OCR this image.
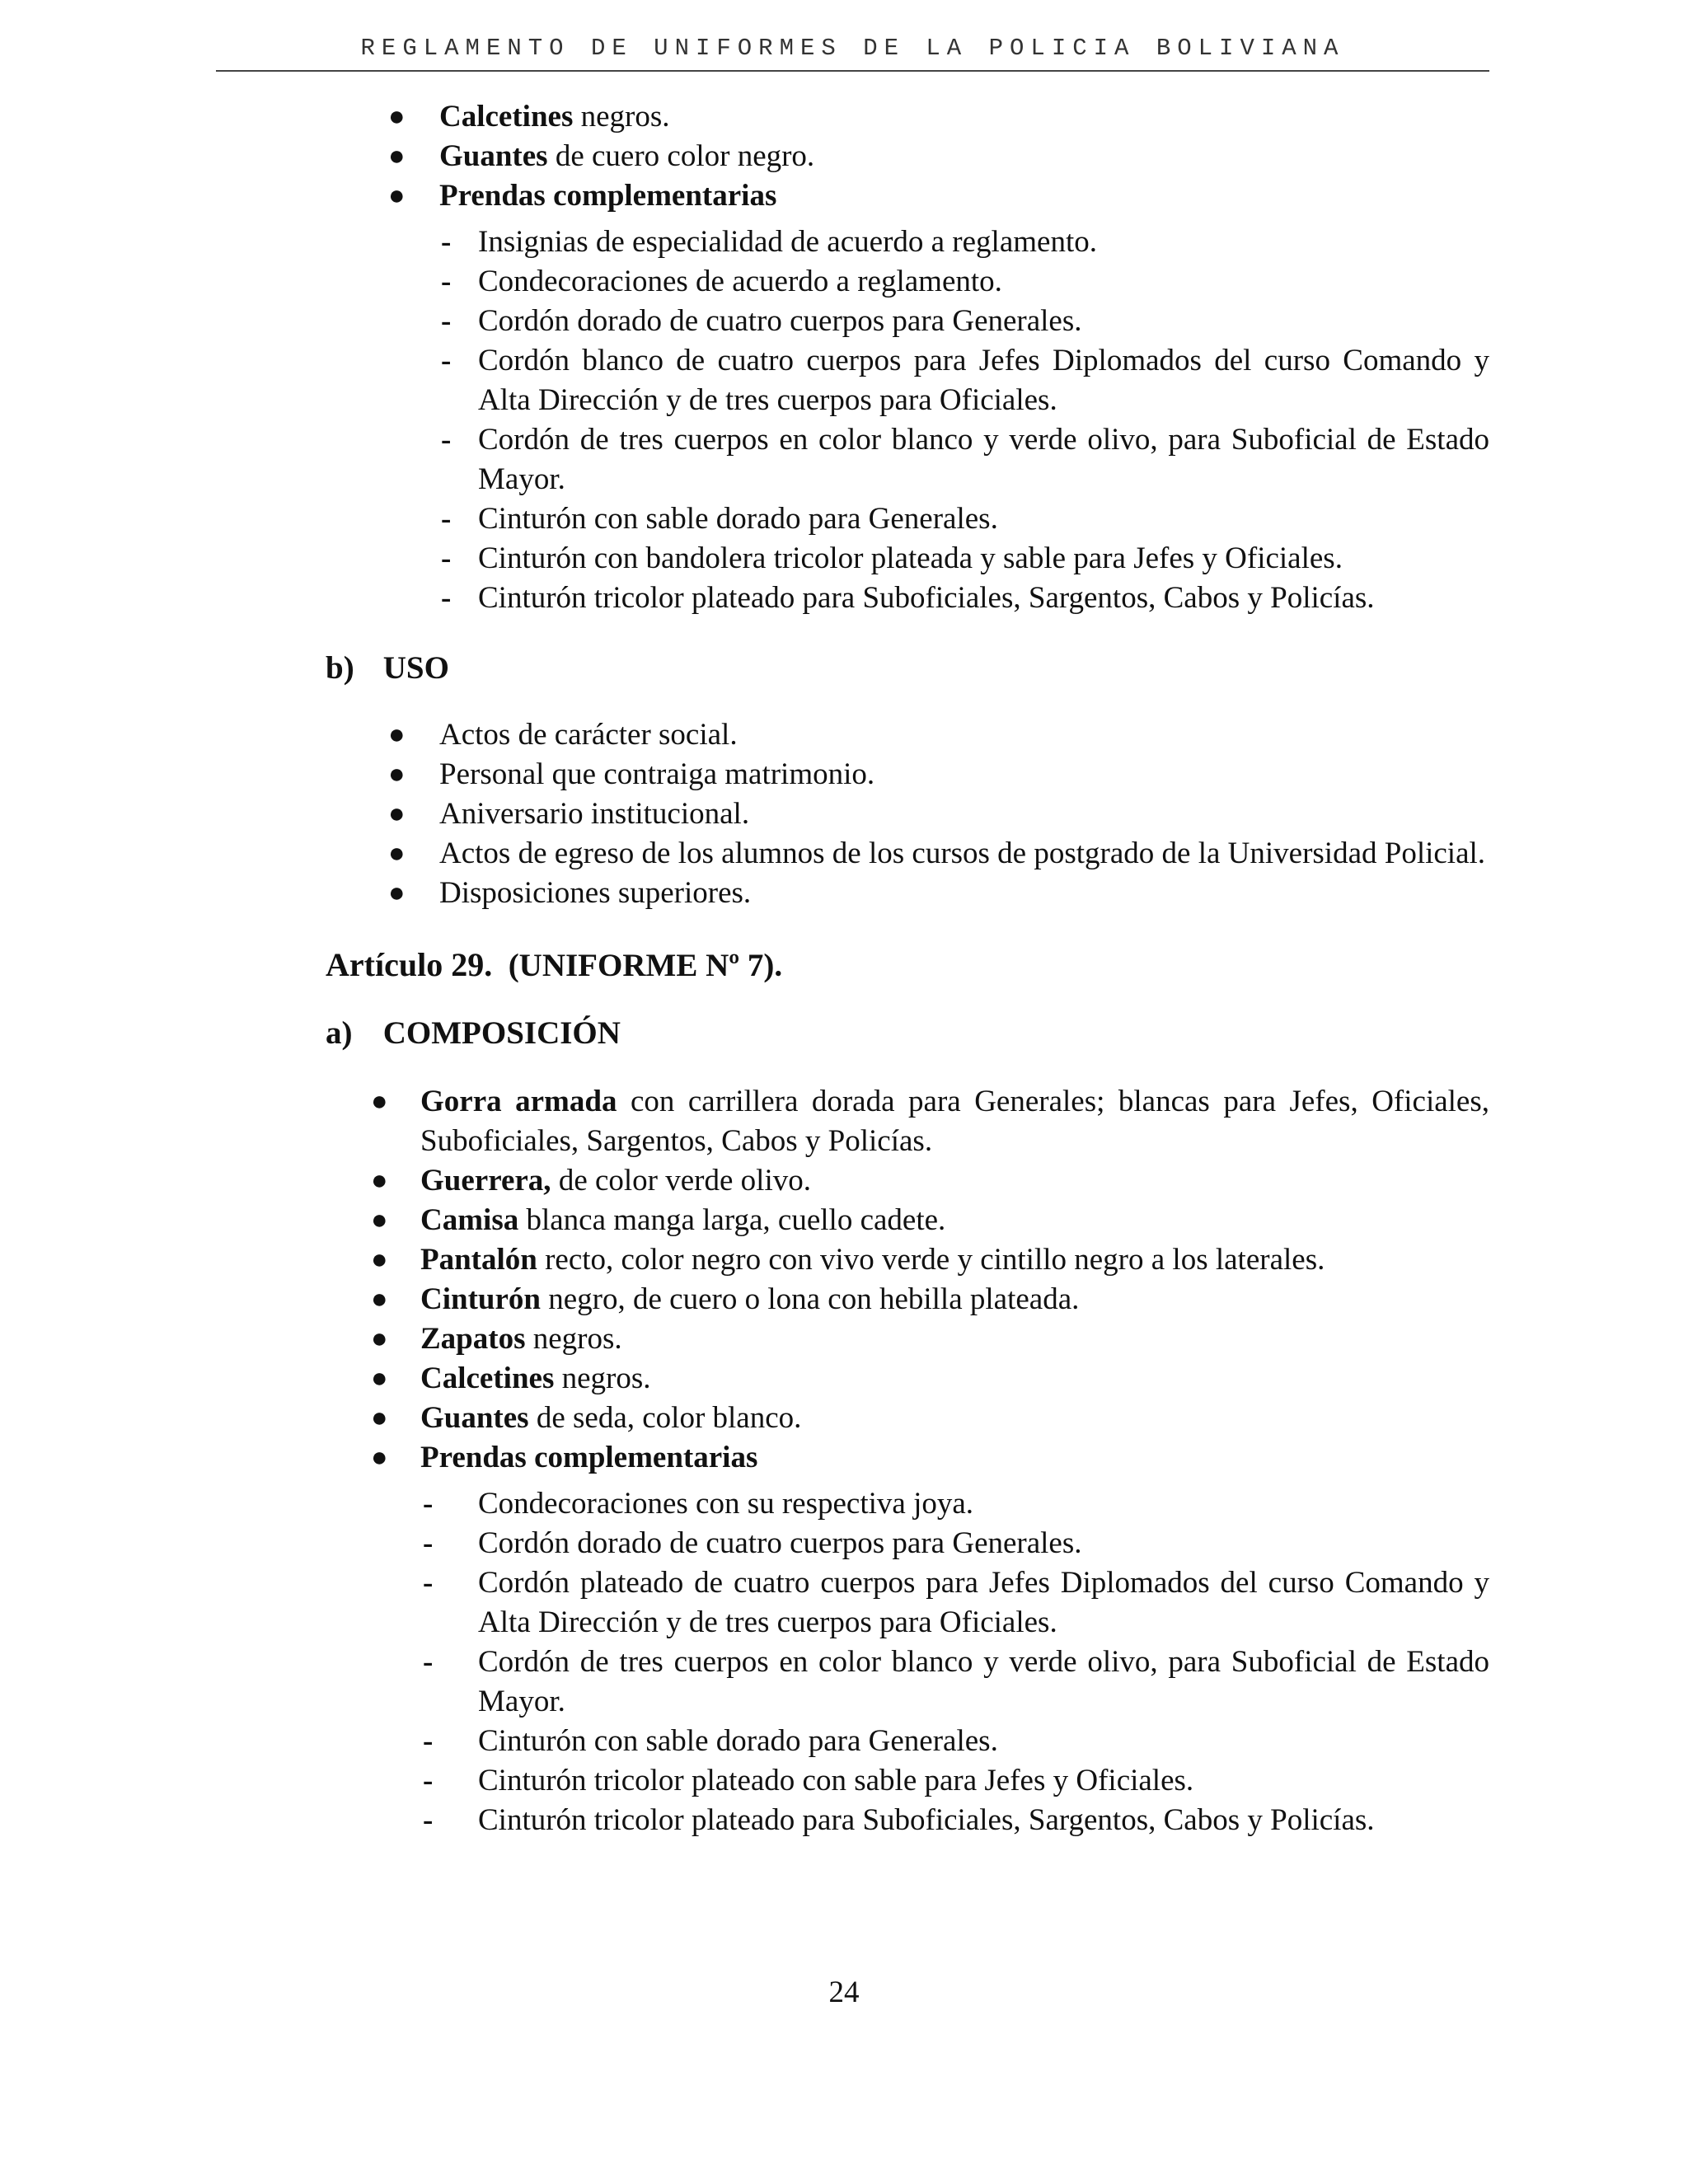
REGLAMENTO DE UNIFORMES DE LA POLICIA BOLIVIANA
● Calcetines negros.
● Guantes de cuero color negro.
● Prendas complementarias
- Insignias de especialidad de acuerdo a reglamento.
- Condecoraciones de acuerdo a reglamento.
- Cordón dorado de cuatro cuerpos para Generales.
- Cordón blanco de cuatro cuerpos para Jefes Diplomados del curso Comando y Alta Dirección y de tres cuerpos para Oficiales.
- Cordón de tres cuerpos en color blanco y verde olivo, para Suboficial de Estado Mayor.
- Cinturón con sable dorado para Generales.
- Cinturón con bandolera tricolor plateada y sable para Jefes y Oficiales.
- Cinturón tricolor plateado para Suboficiales, Sargentos, Cabos y Policías.
b) USO
● Actos de carácter social.
● Personal que contraiga matrimonio.
● Aniversario institucional.
● Actos de egreso de los alumnos de los cursos de postgrado de la Universidad Policial.
● Disposiciones superiores.
Artículo 29. (UNIFORME Nº 7).
a) COMPOSICIÓN
● Gorra armada con carrillera dorada para Generales; blancas para Jefes, Oficiales, Suboficiales, Sargentos, Cabos y Policías.
● Guerrera, de color verde olivo.
● Camisa blanca manga larga, cuello cadete.
● Pantalón recto, color negro con vivo verde y cintillo negro a los laterales.
● Cinturón negro, de cuero o lona con hebilla plateada.
● Zapatos negros.
● Calcetines negros.
● Guantes de seda, color blanco.
● Prendas complementarias
- Condecoraciones con su respectiva joya.
- Cordón dorado de cuatro cuerpos para Generales.
- Cordón plateado de cuatro cuerpos para Jefes Diplomados del curso Comando y Alta Dirección y de tres cuerpos para Oficiales.
- Cordón de tres cuerpos en color blanco y verde olivo, para Suboficial de Estado Mayor.
- Cinturón con sable dorado para Generales.
- Cinturón tricolor plateado con sable para Jefes y Oficiales.
- Cinturón tricolor plateado para Suboficiales, Sargentos, Cabos y Policías.
24
